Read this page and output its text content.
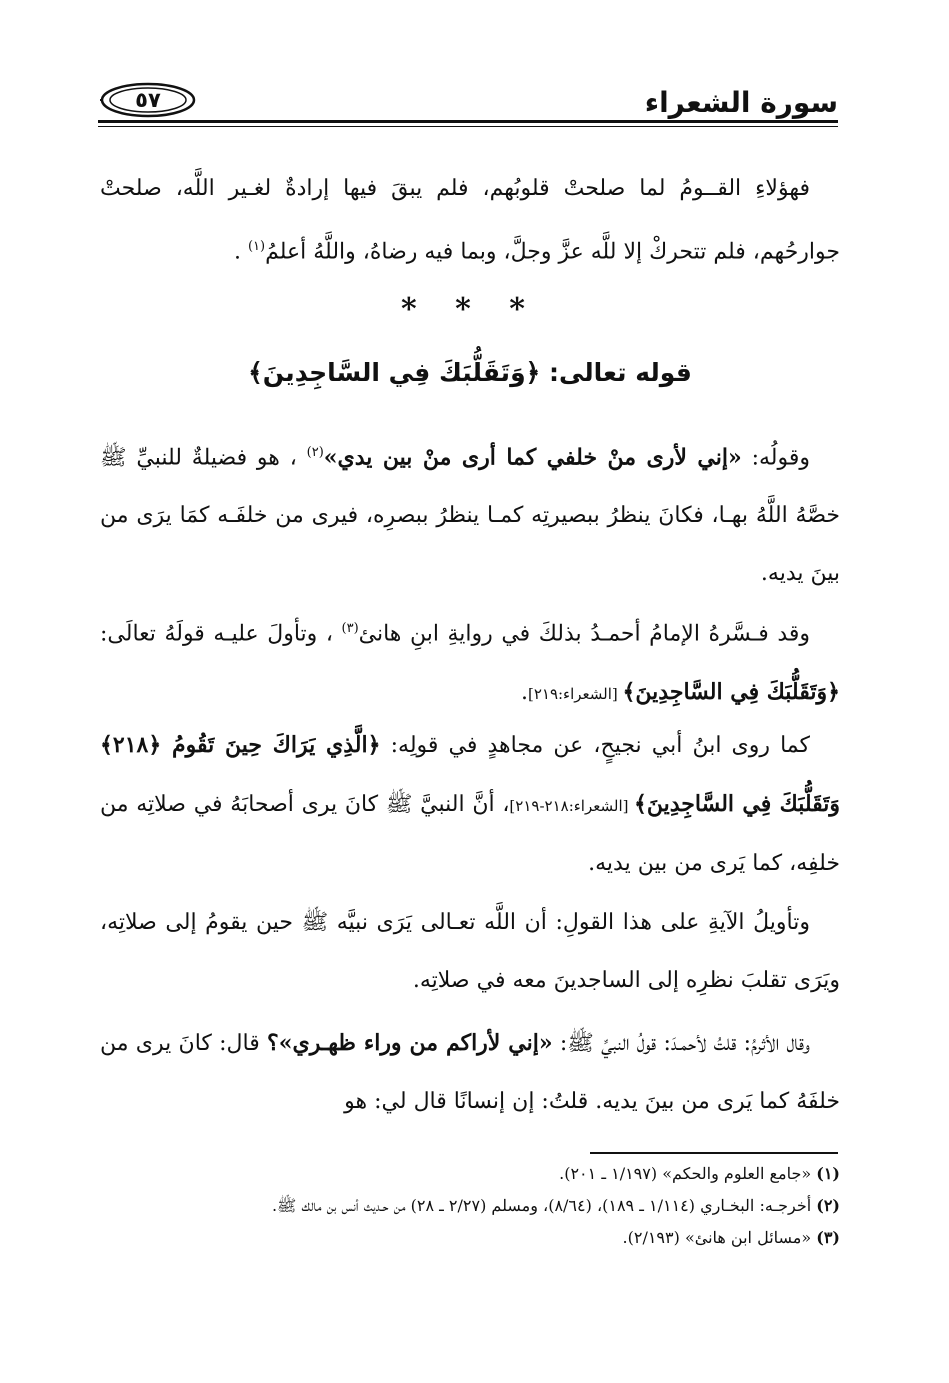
٥٧	سورة الشعراء

فهؤلاءِ القــومُ لما صلحتْ قلوبُهم، فلم يبقَ فيها إرادةٌ لغـير اللَّه، صلحتْ جوارحُهم، فلم تتحركْ إلا للَّه عزَّ وجلَّ، وبما فيه رضاهُ، واللَّهُ أعلمُ$^{(١)}$ .

* * *
قوله تعالى: ﴿وَتَقَلُّبَكَ فِي السَّاجِدِينَ﴾

وقولُه: «إني لأرى منْ خلفي كما أرى منْ بين يدي»$^{(٢)}$ ، هو فضيلةٌ للنبيِّ ﷺ خصَّهُ اللَّهُ بهـا، فكانَ ينظرُ ببصيرتِه كمـا ينظرُ ببصرِه، فيرى من خلفَـه كمَا يرَى من بينَ يديه.

وقد فـسَّرهُ الإمامُ أحمـدُ بذلكَ في روايةِ ابنِ هانئ$^{(٣)}$ ، وتأولَ عليـه قولَهُ تعالَى: ﴿وَتَقَلُّبَكَ فِي السَّاجِدِينَ﴾ [الشعراء:٢١٩].

كما روى ابنُ أبي نجيحٍ، عن مجاهدٍ في قولِه: ﴿الَّذِي يَرَاكَ حِينَ تَقُومُ ﴿٢١٨﴾ وَتَقَلُّبَكَ فِي السَّاجِدِينَ﴾ [الشعراء:٢١٨-٢١٩]، أنَّ النبيَّ ﷺ كانَ يرى أصحابَهُ في صلاتِه من خلفِه، كما يَرى من بين يديه.

وتأويلُ الآيةِ على هذا القولِ: أن اللَّه تعـالى يَرَى نبيَّه ﷺ حين يقومُ إلى صلاتِه، ويَرَى تقلبَ نظرِه إلى الساجدينَ معه في صلاتِه.

وقال الأثرمُ: قلتُ لأحمـدَ: قولُ النبيِّ ﷺ: «إني لأراكم من وراء ظهـري»؟ قال: كانَ يرى من خلفَهُ كما يَرى من بينَ يديه. قلتُ: إن إنسانًا قال لي: هو

(١) «جامع العلوم والحكم» (١/١٩٧ ـ ٢٠١).
(٢) أخرجـه: البخـاري (١/١١٤ ـ ١٨٩)، (٨/٦٤)، ومسلم (٢/٢٧ ـ ٢٨) من حـديث أنس بن مالك ﷺ.
(٣) «مسائل ابن هانئ» (٢/١٩٣).
